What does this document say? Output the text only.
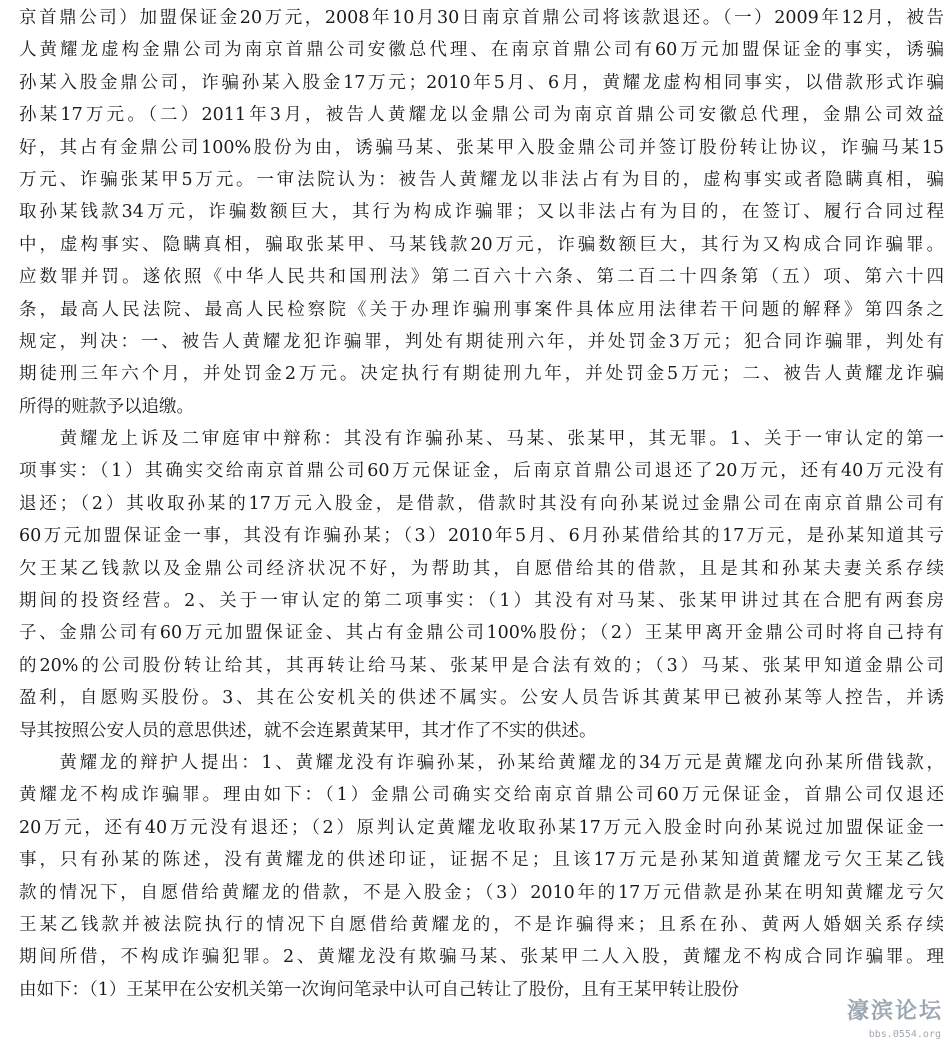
京首鼎公司）加盟保证金20万元，2008年10月30日南京首鼎公司将该款退还。（一）2009年12月，被告
人黄耀龙虚构金鼎公司为南京首鼎公司安徽总代理、在南京首鼎公司有60万元加盟保证金的事实，诱骗
孙某入股金鼎公司，诈骗孙某入股金17万元；2010年5月、6月，黄耀龙虚构相同事实，以借款形式诈骗
孙某17万元。（二）2011年3月，被告人黄耀龙以金鼎公司为南京首鼎公司安徽总代理，金鼎公司效益
好，其占有金鼎公司100%股份为由，诱骗马某、张某甲入股金鼎公司并签订股份转让协议，诈骗马某15
万元、诈骗张某甲5万元。一审法院认为：被告人黄耀龙以非法占有为目的，虚构事实或者隐瞒真相，骗
取孙某钱款34万元，诈骗数额巨大，其行为构成诈骗罪；又以非法占有为目的，在签订、履行合同过程
中，虚构事实、隐瞒真相，骗取张某甲、马某钱款20万元，诈骗数额巨大，其行为又构成合同诈骗罪。
应数罪并罚。遂依照《中华人民共和国刑法》第二百六十六条、第二百二十四条第（五）项、第六十四
条，最高人民法院、最高人民检察院《关于办理诈骗刑事案件具体应用法律若干问题的解释》第四条之
规定，判决：一、被告人黄耀龙犯诈骗罪，判处有期徒刑六年，并处罚金3万元；犯合同诈骗罪，判处有
期徒刑三年六个月，并处罚金2万元。决定执行有期徒刑九年，并处罚金5万元；二、被告人黄耀龙诈骗
所得的赃款予以追缴。
　　黄耀龙上诉及二审庭审中辩称：其没有诈骗孙某、马某、张某甲，其无罪。1、关于一审认定的第一
项事实：（1）其确实交给南京首鼎公司60万元保证金，后南京首鼎公司退还了20万元，还有40万元没有
退还；（2）其收取孙某的17万元入股金，是借款，借款时其没有向孙某说过金鼎公司在南京首鼎公司有
60万元加盟保证金一事，其没有诈骗孙某；（3）2010年5月、6月孙某借给其的17万元，是孙某知道其亏
欠王某乙钱款以及金鼎公司经济状况不好，为帮助其，自愿借给其的借款，且是其和孙某夫妻关系存续
期间的投资经营。2、关于一审认定的第二项事实：（1）其没有对马某、张某甲讲过其在合肥有两套房
子、金鼎公司有60万元加盟保证金、其占有金鼎公司100%股份；（2）王某甲离开金鼎公司时将自己持有
的20%的公司股份转让给其，其再转让给马某、张某甲是合法有效的；（3）马某、张某甲知道金鼎公司
盈利，自愿购买股份。3、其在公安机关的供述不属实。公安人员告诉其黄某甲已被孙某等人控告，并诱
导其按照公安人员的意思供述，就不会连累黄某甲，其才作了不实的供述。
　　黄耀龙的辩护人提出：1、黄耀龙没有诈骗孙某，孙某给黄耀龙的34万元是黄耀龙向孙某所借钱款，
黄耀龙不构成诈骗罪。理由如下：（1）金鼎公司确实交给南京首鼎公司60万元保证金，首鼎公司仅退还
20万元，还有40万元没有退还；（2）原判认定黄耀龙收取孙某17万元入股金时向孙某说过加盟保证金一
事，只有孙某的陈述，没有黄耀龙的供述印证，证据不足；且该17万元是孙某知道黄耀龙亏欠王某乙钱
款的情况下，自愿借给黄耀龙的借款，不是入股金；（3）2010年的17万元借款是孙某在明知黄耀龙亏欠
王某乙钱款并被法院执行的情况下自愿借给黄耀龙的，不是诈骗得来；且系在孙、黄两人婚姻关系存续
期间所借，不构成诈骗犯罪。2、黄耀龙没有欺骗马某、张某甲二人入股，黄耀龙不构成合同诈骗罪。理
由如下：（1）王某甲在公安机关第一次询问笔录中认可自己转让了股份，且有王某甲转让股份
濠滨论坛
bbs.0554.org
